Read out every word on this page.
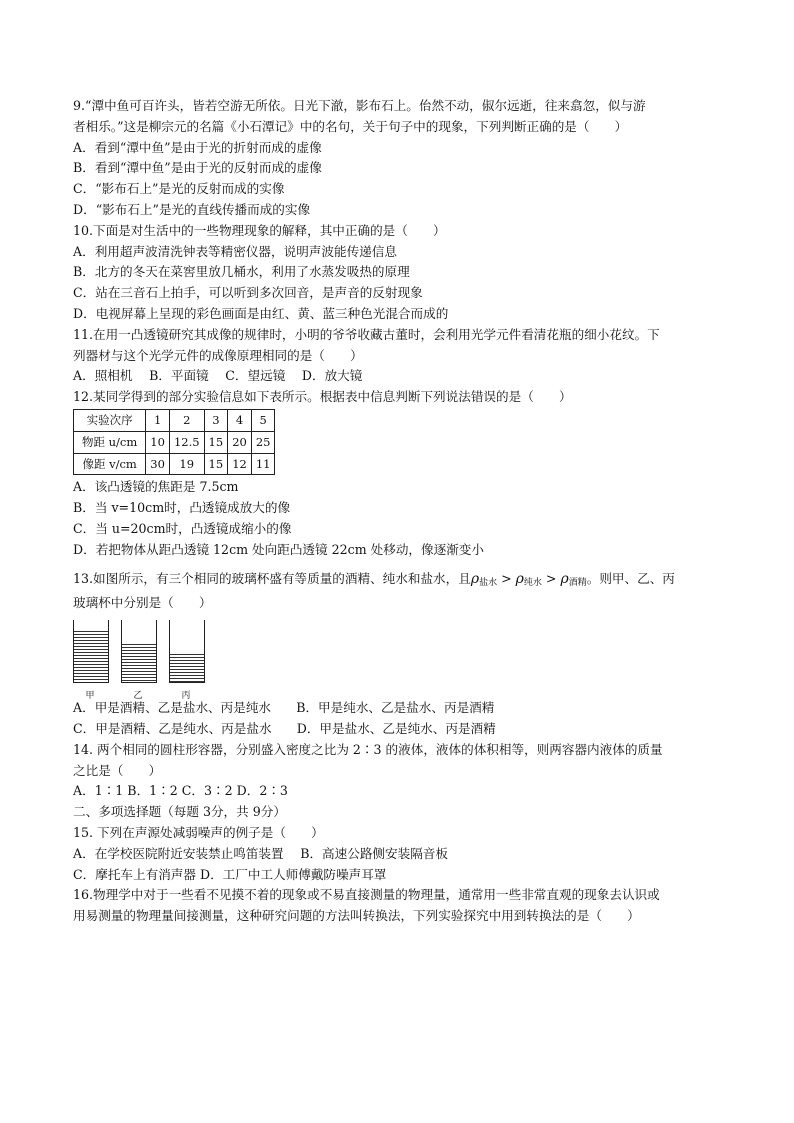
9.“潭中鱼可百许头，皆若空游无所依。日光下澈，影布石上。佁然不动，俶尔远逝，往来翕忽，似与游
者相乐。”这是柳宗元的名篇《小石潭记》中的名句，关于句子中的现象，下列判断正确的是（　　）
A．看到“潭中鱼”是由于光的折射而成的虚像
B．看到“潭中鱼”是由于光的反射而成的虚像
C．“影布石上”是光的反射而成的实像
D．“影布石上”是光的直线传播而成的实像
10.下面是对生活中的一些物理现象的解释，其中正确的是（　　）
A．利用超声波清洗钟表等精密仪器，说明声波能传递信息
B．北方的冬天在菜窖里放几桶水，利用了水蒸发吸热的原理
C．站在三音石上拍手，可以听到多次回音，是声音的反射现象
D．电视屏幕上呈现的彩色画面是由红、黄、蓝三种色光混合而成的
11.在用一凸透镜研究其成像的规律时，小明的爷爷收藏古董时，会利用光学元件看清花瓶的细小花纹。下
列器材与这个光学元件的成像原理相同的是（　　）
A．照相机　 B．平面镜　 C．望远镜　 D．放大镜
12.某同学得到的部分实验信息如下表所示。根据表中信息判断下列说法错误的是（　　）
实验次序	1	2	3	4	5
物距 u/cm	10	12.5	15	20	25
像距 v/cm	30	19	15	12	11
A．该凸透镜的焦距是 7.5cm
B．当 v=10cm时，凸透镜成放大的像
C．当 u=20cm时，凸透镜成缩小的像
D．若把物体从距凸透镜 12cm 处向距凸透镜 22cm 处移动，像逐渐变小
13.如图所示，有三个相同的玻璃杯盛有等质量的酒精、纯水和盐水，且$\rho_{盐水} > \rho_{纯水} > \rho_{酒精}$。则甲、乙、丙
玻璃杯中分别是（　　）
甲	乙	丙
A．甲是酒精、乙是盐水、丙是纯水　　B．甲是纯水、乙是盐水、丙是酒精
C．甲是酒精、乙是纯水、丙是盐水　　D．甲是盐水、乙是纯水、丙是酒精
14. 两个相同的圆柱形容器，分别盛入密度之比为 2∶3 的液体，液体的体积相等，则两容器内液体的质量
之比是（　　）
A．1∶1 B．1∶2 C．3∶2 D．2∶3
二、多项选择题（每题 3分，共 9分）
15. 下列在声源处减弱噪声的例子是（　　）
A．在学校医院附近安装禁止鸣笛装置　 B．高速公路侧安装隔音板
C．摩托车上有消声器 D．工厂中工人师傅戴防噪声耳罩
16.物理学中对于一些看不见摸不着的现象或不易直接测量的物理量，通常用一些非常直观的现象去认识或
用易测量的物理量间接测量，这种研究问题的方法叫转换法，下列实验探究中用到转换法的是（　　）
